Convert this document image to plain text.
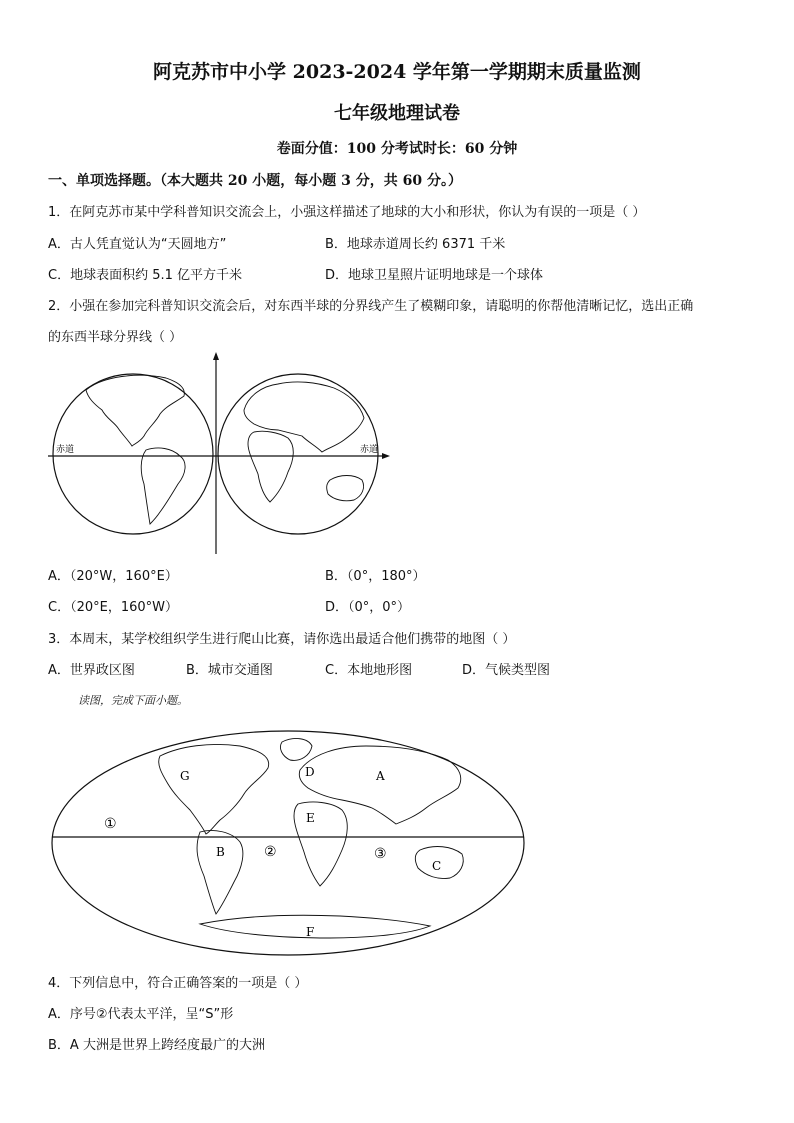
阿克苏市中小学 2023-2024 学年第一学期期末质量监测
七年级地理试卷
卷面分值：100 分考试时长：60 分钟
一、单项选择题。（本大题共 20 小题，每小题 3 分，共 60 分。）
1．在阿克苏市某中学科普知识交流会上，小强这样描述了地球的大小和形状，你认为有误的一项是（ ）
A．古人凭直觉认为“天圆地方”	B．地球赤道周长约 6371 千米
C．地球表面积约 5.1 亿平方千米	D．地球卫星照片证明地球是一个球体
2．小强在参加完科普知识交流会后，对东西半球的分界线产生了模糊印象，请聪明的你帮他清晰记忆，选出正确
的东西半球分界线（ ）
赤道	赤道
A．（20°W，160°E）	B．（0°，180°）
C．（20°E，160°W）	D．（0°，0°）
3．本周末，某学校组织学生进行爬山比赛，请你选出最适合他们携带的地图（ ）
A．世界政区图	B．城市交通图	C．本地地形图	D．气候类型图
读图，完成下面小题。
G	D	A
E
B
C
F
①
②	③
4．下列信息中，符合正确答案的一项是（ ）
A．序号②代表太平洋，呈“S”形
B．A 大洲是世界上跨经度最广的大洲
